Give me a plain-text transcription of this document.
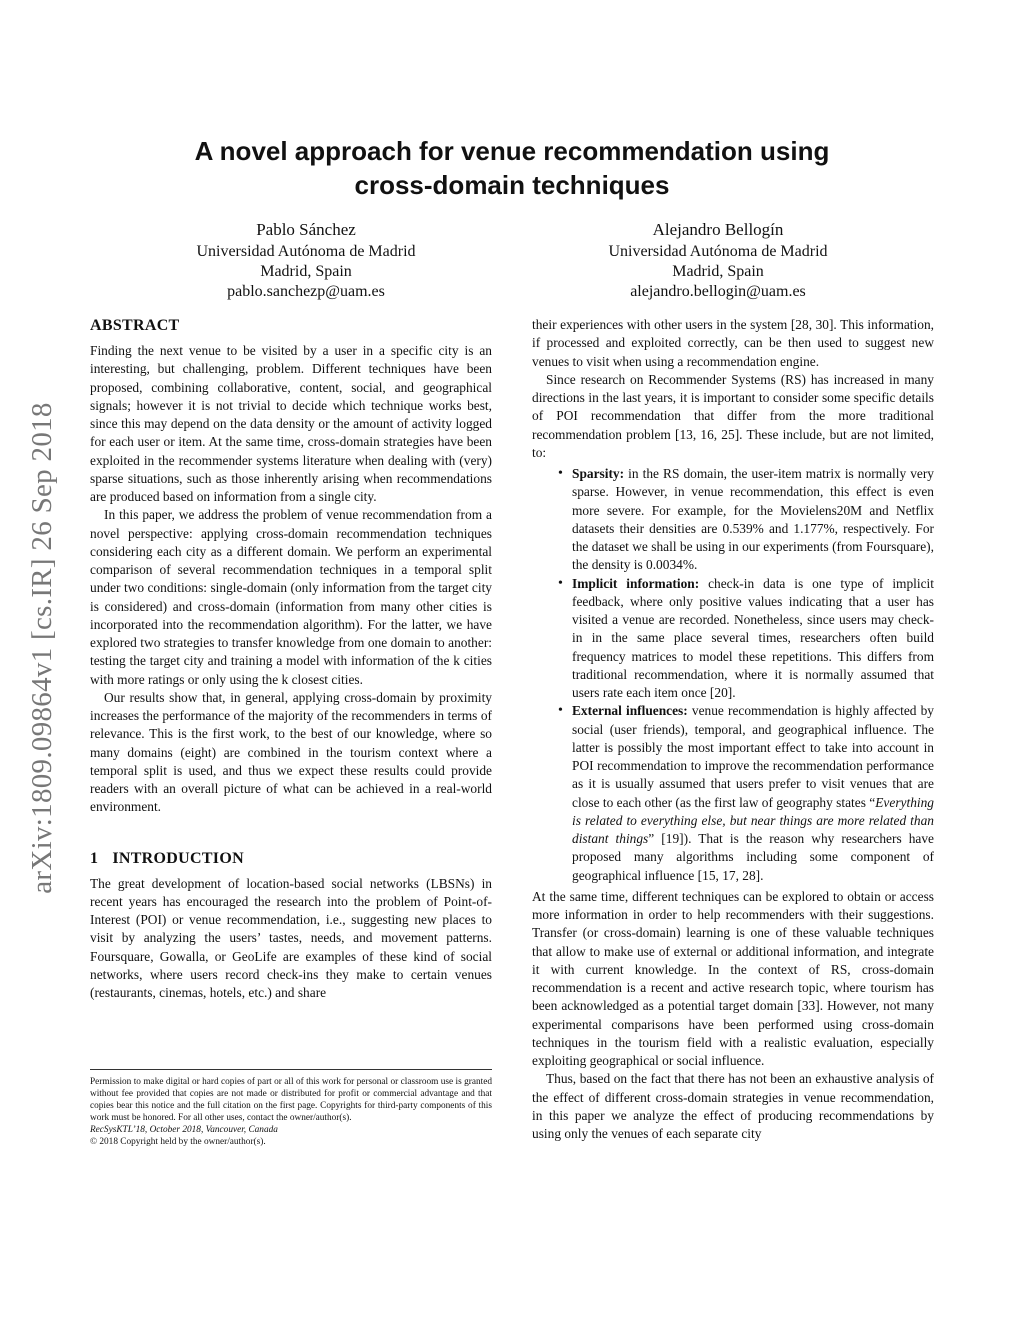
arXiv:1809.09864v1 [cs.IR] 26 Sep 2018
A novel approach for venue recommendation using
cross-domain techniques
Pablo Sánchez
Universidad Autónoma de Madrid
Madrid, Spain
pablo.sanchezp@uam.es
Alejandro Bellogín
Universidad Autónoma de Madrid
Madrid, Spain
alejandro.bellogin@uam.es
ABSTRACT

Finding the next venue to be visited by a user in a specific city is an interesting, but challenging, problem. Different techniques have been proposed, combining collaborative, content, social, and geographical signals; however it is not trivial to decide which technique works best, since this may depend on the data density or the amount of activity logged for each user or item. At the same time, cross-domain strategies have been exploited in the recommender systems literature when dealing with (very) sparse situations, such as those inherently arising when recommendations are produced based on information from a single city.

In this paper, we address the problem of venue recommendation from a novel perspective: applying cross-domain recommendation techniques considering each city as a different domain. We perform an experimental comparison of several recommendation techniques in a temporal split under two conditions: single-domain (only information from the target city is considered) and cross-domain (information from many other cities is incorporated into the recommendation algorithm). For the latter, we have explored two strategies to transfer knowledge from one domain to another: testing the target city and training a model with information of the k cities with more ratings or only using the k closest cities.

Our results show that, in general, applying cross-domain by proximity increases the performance of the majority of the recommenders in terms of relevance. This is the first work, to the best of our knowledge, where so many domains (eight) are combined in the tourism context where a temporal split is used, and thus we expect these results could provide readers with an overall picture of what can be achieved in a real-world environment.

1 INTRODUCTION

The great development of location-based social networks (LBSNs) in recent years has encouraged the research into the problem of Point-of-Interest (POI) or venue recommendation, i.e., suggesting new places to visit by analyzing the users’ tastes, needs, and movement patterns. Foursquare, Gowalla, or GeoLife are examples of these kind of social networks, where users record check-ins they make to certain venues (restaurants, cinemas, hotels, etc.) and share

Permission to make digital or hard copies of part or all of this work for personal or classroom use is granted without fee provided that copies are not made or distributed for profit or commercial advantage and that copies bear this notice and the full citation on the first page. Copyrights for third-party components of this work must be honored. For all other uses, contact the owner/author(s).

RecSysKTL’18, October 2018, Vancouver, Canada

© 2018 Copyright held by the owner/author(s).

their experiences with other users in the system [28, 30]. This information, if processed and exploited correctly, can be then used to suggest new venues to visit when using a recommendation engine.

Since research on Recommender Systems (RS) has increased in many directions in the last years, it is important to consider some specific details of POI recommendation that differ from the more traditional recommendation problem [13, 16, 25]. These include, but are not limited, to:

• Sparsity: in the RS domain, the user-item matrix is normally very sparse. However, in venue recommendation, this effect is even more severe. For example, for the Movielens20M and Netflix datasets their densities are 0.539% and 1.177%, respectively. For the dataset we shall be using in our experiments (from Foursquare), the density is 0.0034%.
• Implicit information: check-in data is one type of implicit feedback, where only positive values indicating that a user has visited a venue are recorded. Nonetheless, since users may check-in in the same place several times, researchers often build frequency matrices to model these repetitions. This differs from traditional recommendation, where it is normally assumed that users rate each item once [20].
• External influences: venue recommendation is highly affected by social (user friends), temporal, and geographical influence. The latter is possibly the most important effect to take into account in POI recommendation to improve the recommendation performance as it is usually assumed that users prefer to visit venues that are close to each other (as the first law of geography states “Everything is related to everything else, but near things are more related than distant things” [19]). That is the reason why researchers have proposed many algorithms including some component of geographical influence [15, 17, 28].

At the same time, different techniques can be explored to obtain or access more information in order to help recommenders with their suggestions. Transfer (or cross-domain) learning is one of these valuable techniques that allow to make use of external or additional information, and integrate it with current knowledge. In the context of RS, cross-domain recommendation is a recent and active research topic, where tourism has been acknowledged as a potential target domain [33]. However, not many experimental comparisons have been performed using cross-domain techniques in the tourism field with a realistic evaluation, especially exploiting geographical or social influence.

Thus, based on the fact that there has not been an exhaustive analysis of the effect of different cross-domain strategies in venue recommendation, in this paper we analyze the effect of producing recommendations by using only the venues of each separate city
